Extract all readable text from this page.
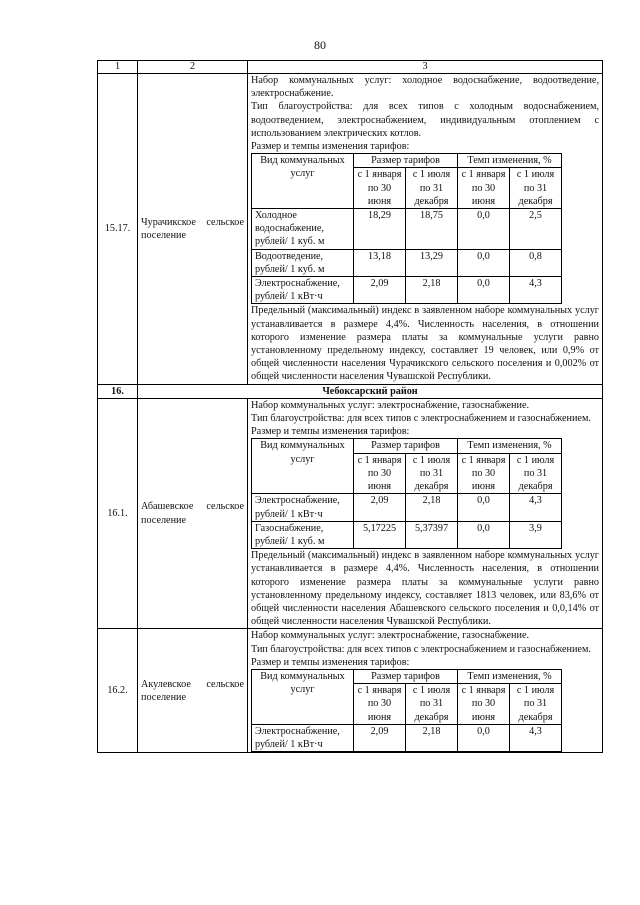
80
1	2	3
15.17.	Чурачикское сельское поселение	
Набор коммунальных услуг: холодное водоснабжение, водоотведение, электроснабжение.
Тип благоустройства: для всех типов с холодным водоснабжением, водоотведением, электроснабжением, индивидуальным отоплением с использованием электрических котлов.
Размер и темпы изменения тарифов:
Вид коммунальных услуг	Размер тарифов	Темп изменения, %
с 1 января по 30 июня	с 1 июля по 31 декабря	с 1 января по 30 июня	с 1 июля по 31 декабря
Холодное водоснабжение, рублей/ 1 куб. м	18,29	18,75	0,0	2,5
Водоотведение, рублей/ 1 куб. м	13,18	13,29	0,0	0,8
Электроснабжение, рублей/ 1 кВт·ч	2,09	2,18	0,0	4,3
Предельный (максимальный) индекс в заявленном наборе коммунальных услуг устанавливается в размере 4,4%. Численность населения, в отношении которого изменение размера платы за коммунальные услуги равно установленному предельному индексу, составляет 19 человек, или 0,9% от общей численности населения Чурачикского сельского поселения и 0,002% от общей численности населения Чувашской Республики.

16.	Чебоксарский район
16.1.	Абашевское сельское поселение	
Набор коммунальных услуг: электроснабжение, газоснабжение.
Тип благоустройства: для всех типов с электроснабжением и газоснабжением.
Размер и темпы изменения тарифов:
Вид коммунальных услуг	Размер тарифов	Темп изменения, %
с 1 января по 30 июня	с 1 июля по 31 декабря	с 1 января по 30 июня	с 1 июля по 31 декабря
Электроснабжение, рублей/ 1 кВт·ч	2,09	2,18	0,0	4,3
Газоснабжение, рублей/ 1 куб. м	5,17225	5,37397	0,0	3,9
Предельный (максимальный) индекс в заявленном наборе коммунальных услуг устанавливается в размере 4,4%. Численность населения, в отношении которого изменение размера платы за коммунальные услуги равно установленному предельному индексу, составляет 1813 человек, или 83,6% от общей численности населения Абашевского сельского поселения и 0,0,14% от общей численности населения Чувашской Республики.

16.2.	Акулевское сельское поселение	
Набор коммунальных услуг: электроснабжение, газоснабжение.
Тип благоустройства: для всех типов с электроснабжением и газоснабжением.
Размер и темпы изменения тарифов:
Вид коммунальных услуг	Размер тарифов	Темп изменения, %
с 1 января по 30 июня	с 1 июля по 31 декабря	с 1 января по 30 июня	с 1 июля по 31 декабря
Электроснабжение, рублей/ 1 кВт·ч	2,09	2,18	0,0	4,3
